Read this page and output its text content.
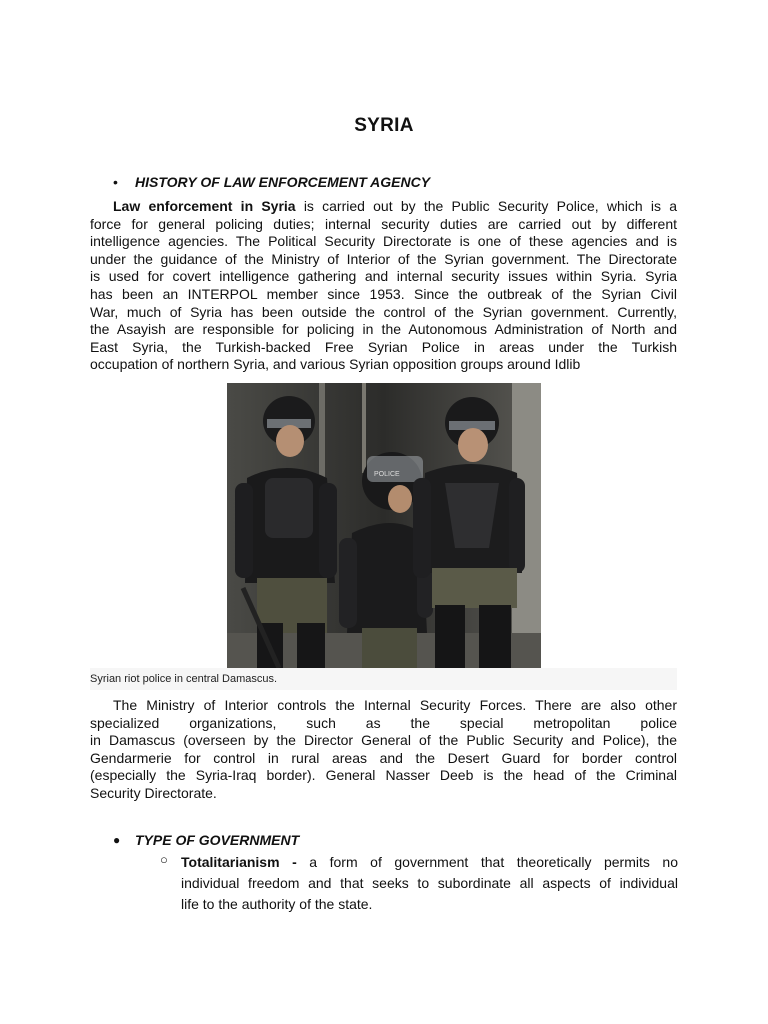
SYRIA
• HISTORY OF LAW ENFORCEMENT AGENCY
Law enforcement in Syria is carried out by the Public Security Police, which is a
force for general policing duties; internal security duties are carried out by different
intelligence agencies. The Political Security Directorate is one of these agencies and is
under the guidance of the Ministry of Interior of the Syrian government. The Directorate
is used for covert intelligence gathering and internal security issues within Syria. Syria
has been an INTERPOL member since 1953. Since the outbreak of the Syrian Civil
War, much of Syria has been outside the control of the Syrian government. Currently,
the Asayish are responsible for policing in the Autonomous Administration of North and
East Syria, the Turkish-backed Free Syrian Police in areas under the Turkish
occupation of northern Syria, and various Syrian opposition groups around Idlib
POLICE
Syrian riot police in central Damascus.
The Ministry of Interior controls the Internal Security Forces. There are also other
specialized organizations, such as the special metropolitan police
in Damascus (overseen by the Director General of the Public Security and Police), the
Gendarmerie for control in rural areas and the Desert Guard for border control
(especially the Syria-Iraq border). General Nasser Deeb is the head of the Criminal
Security Directorate.
● TYPE OF GOVERNMENT
○ Totalitarianism - a form of government that theoretically permits no
individual freedom and that seeks to subordinate all aspects of individual
life to the authority of the state.
